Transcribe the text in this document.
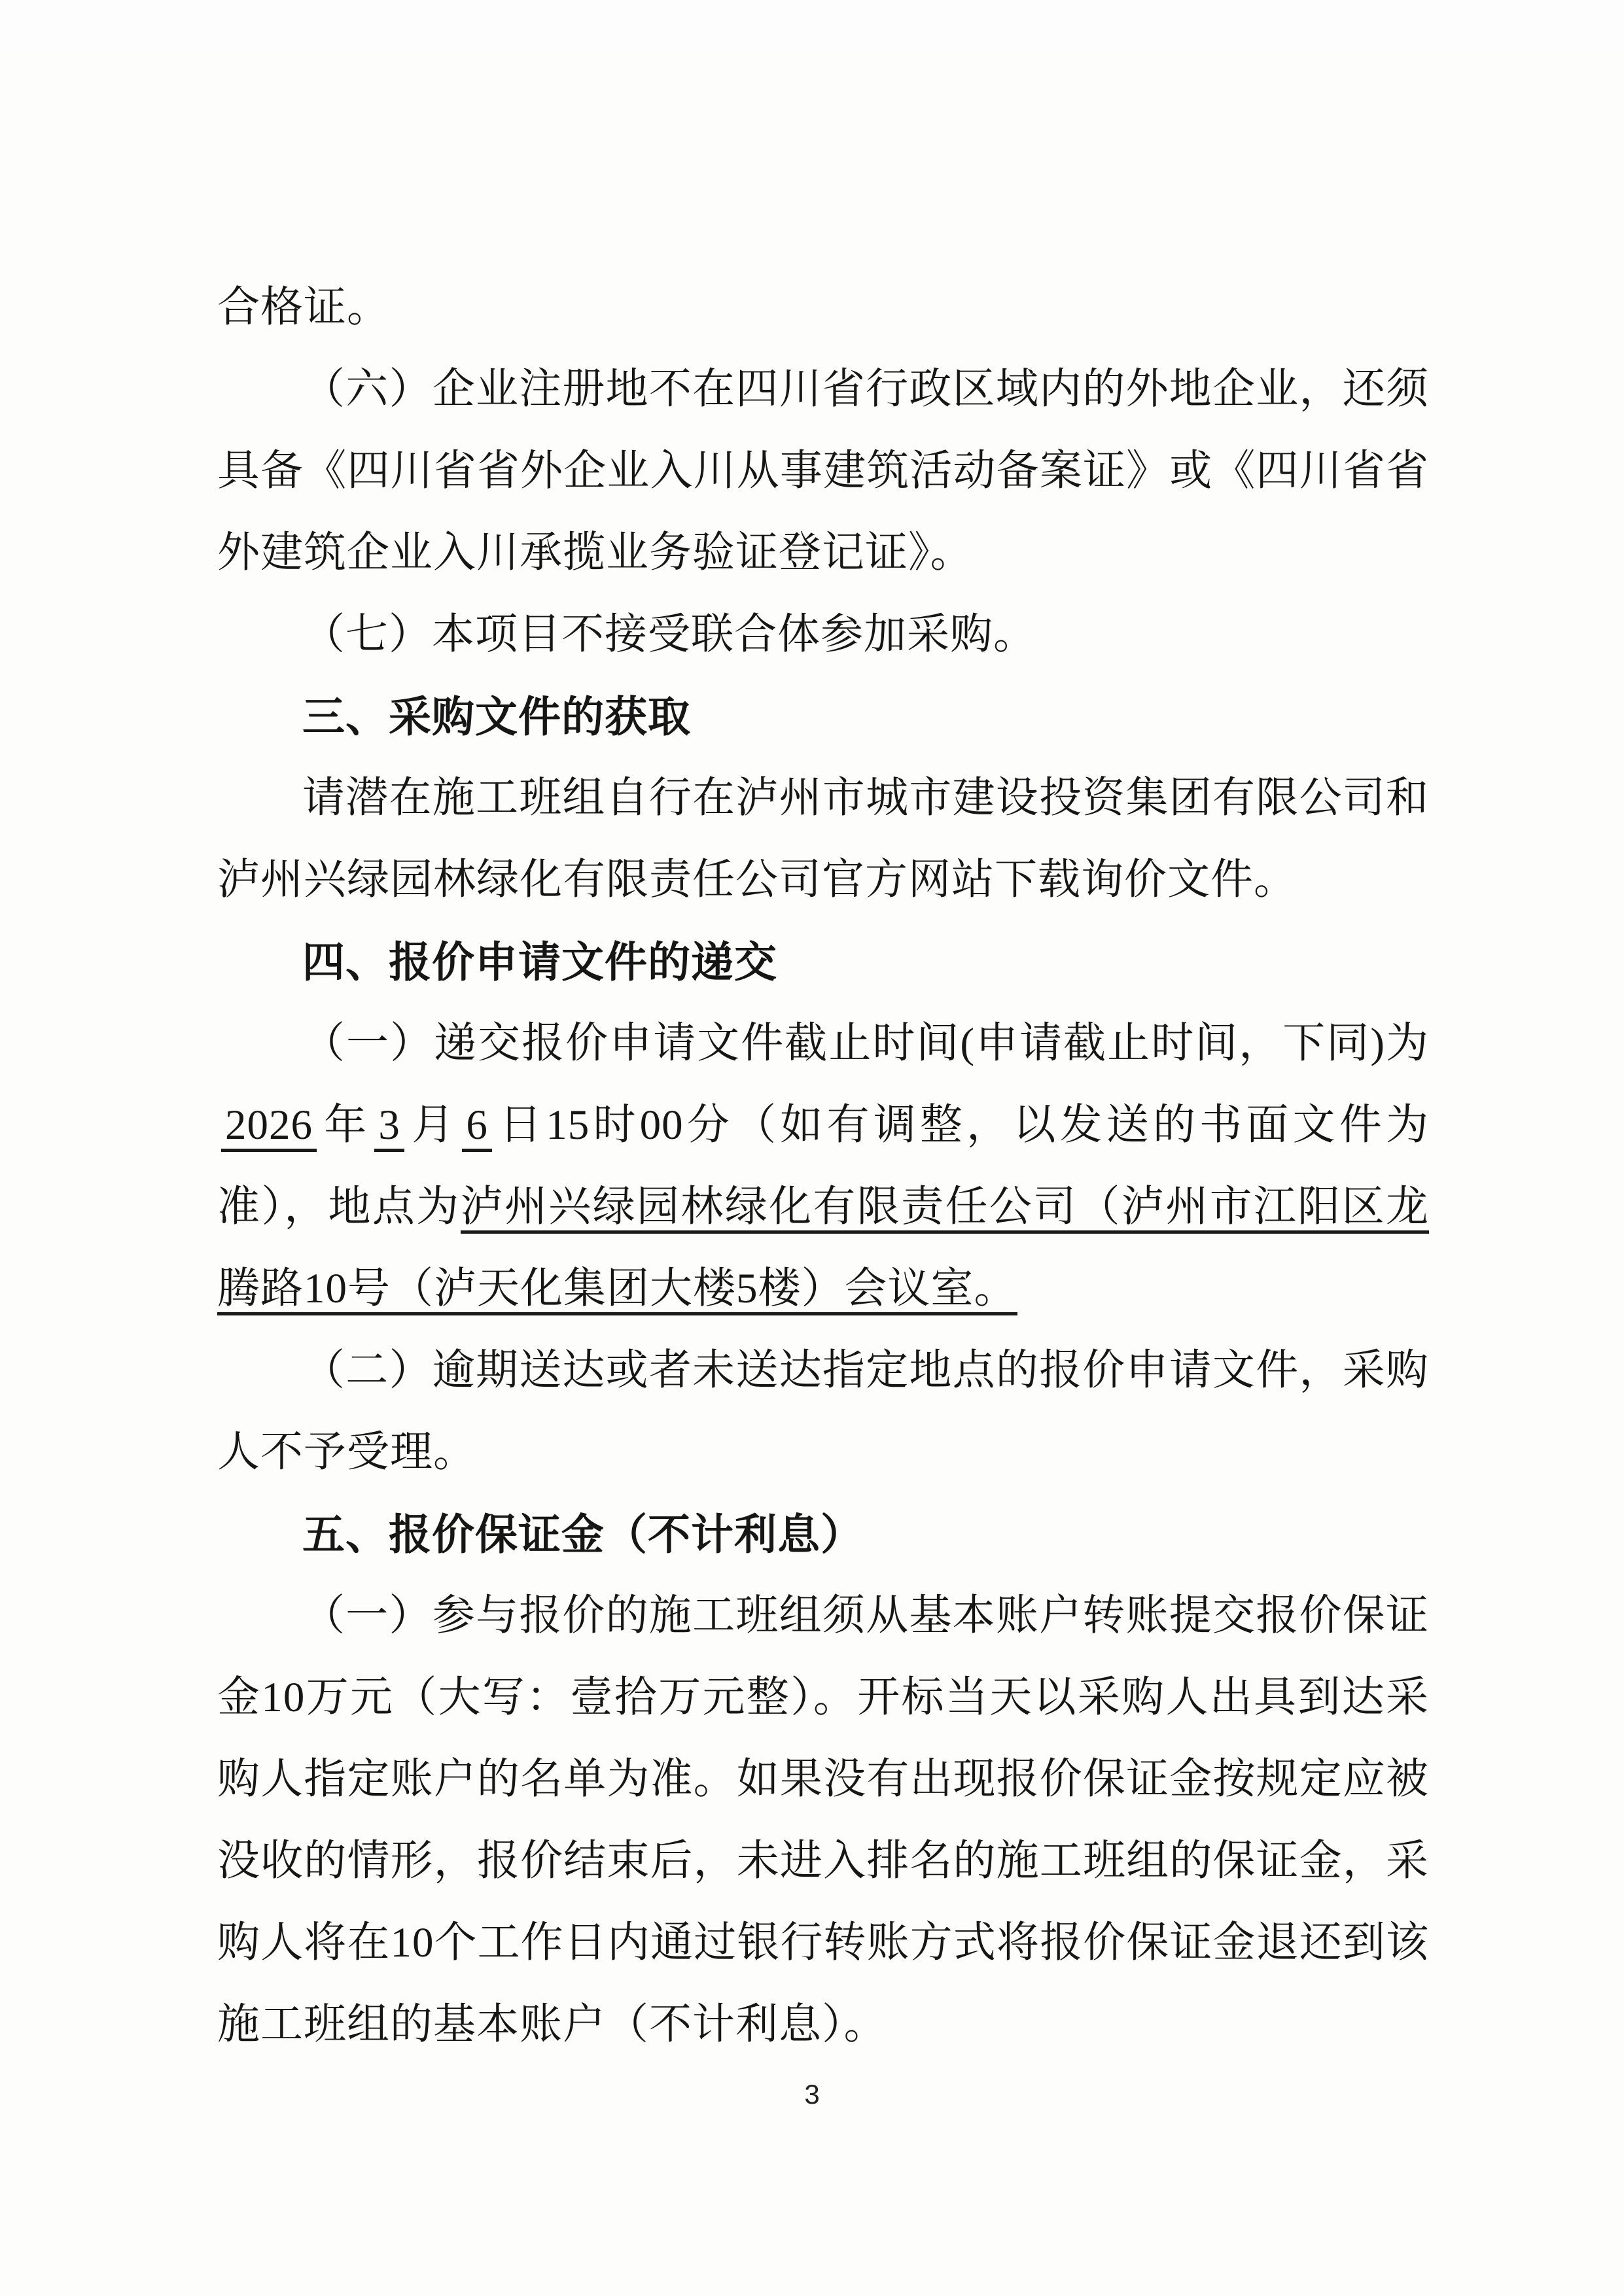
合格证。

（六）企业注册地不在四川省行政区域内的外地企业，还须具备《四川省省外企业入川从事建筑活动备案证》或《四川省省外建筑企业入川承揽业务验证登记证》。

（七）本项目不接受联合体参加采购。

三、采购文件的获取

请潜在施工班组自行在泸州市城市建设投资集团有限公司和泸州兴绿园林绿化有限责任公司官方网站下载询价文件。

四、报价申请文件的递交

（一）递交报价申请文件截止时间(申请截止时间，下同)为2026 年 3 月 6 日15时00分（如有调整，以发送的书面文件为准），地点为泸州兴绿园林绿化有限责任公司（泸州市江阳区龙腾路10号（泸天化集团大楼5楼）会议室。

（二）逾期送达或者未送达指定地点的报价申请文件，采购人不予受理。

五、报价保证金（不计利息）

（一）参与报价的施工班组须从基本账户转账提交报价保证金10万元（大写：壹拾万元整）。开标当天以采购人出具到达采购人指定账户的名单为准。如果没有出现报价保证金按规定应被没收的情形，报价结束后，未进入排名的施工班组的保证金，采购人将在10个工作日内通过银行转账方式将报价保证金退还到该施工班组的基本账户（不计利息）。

3
